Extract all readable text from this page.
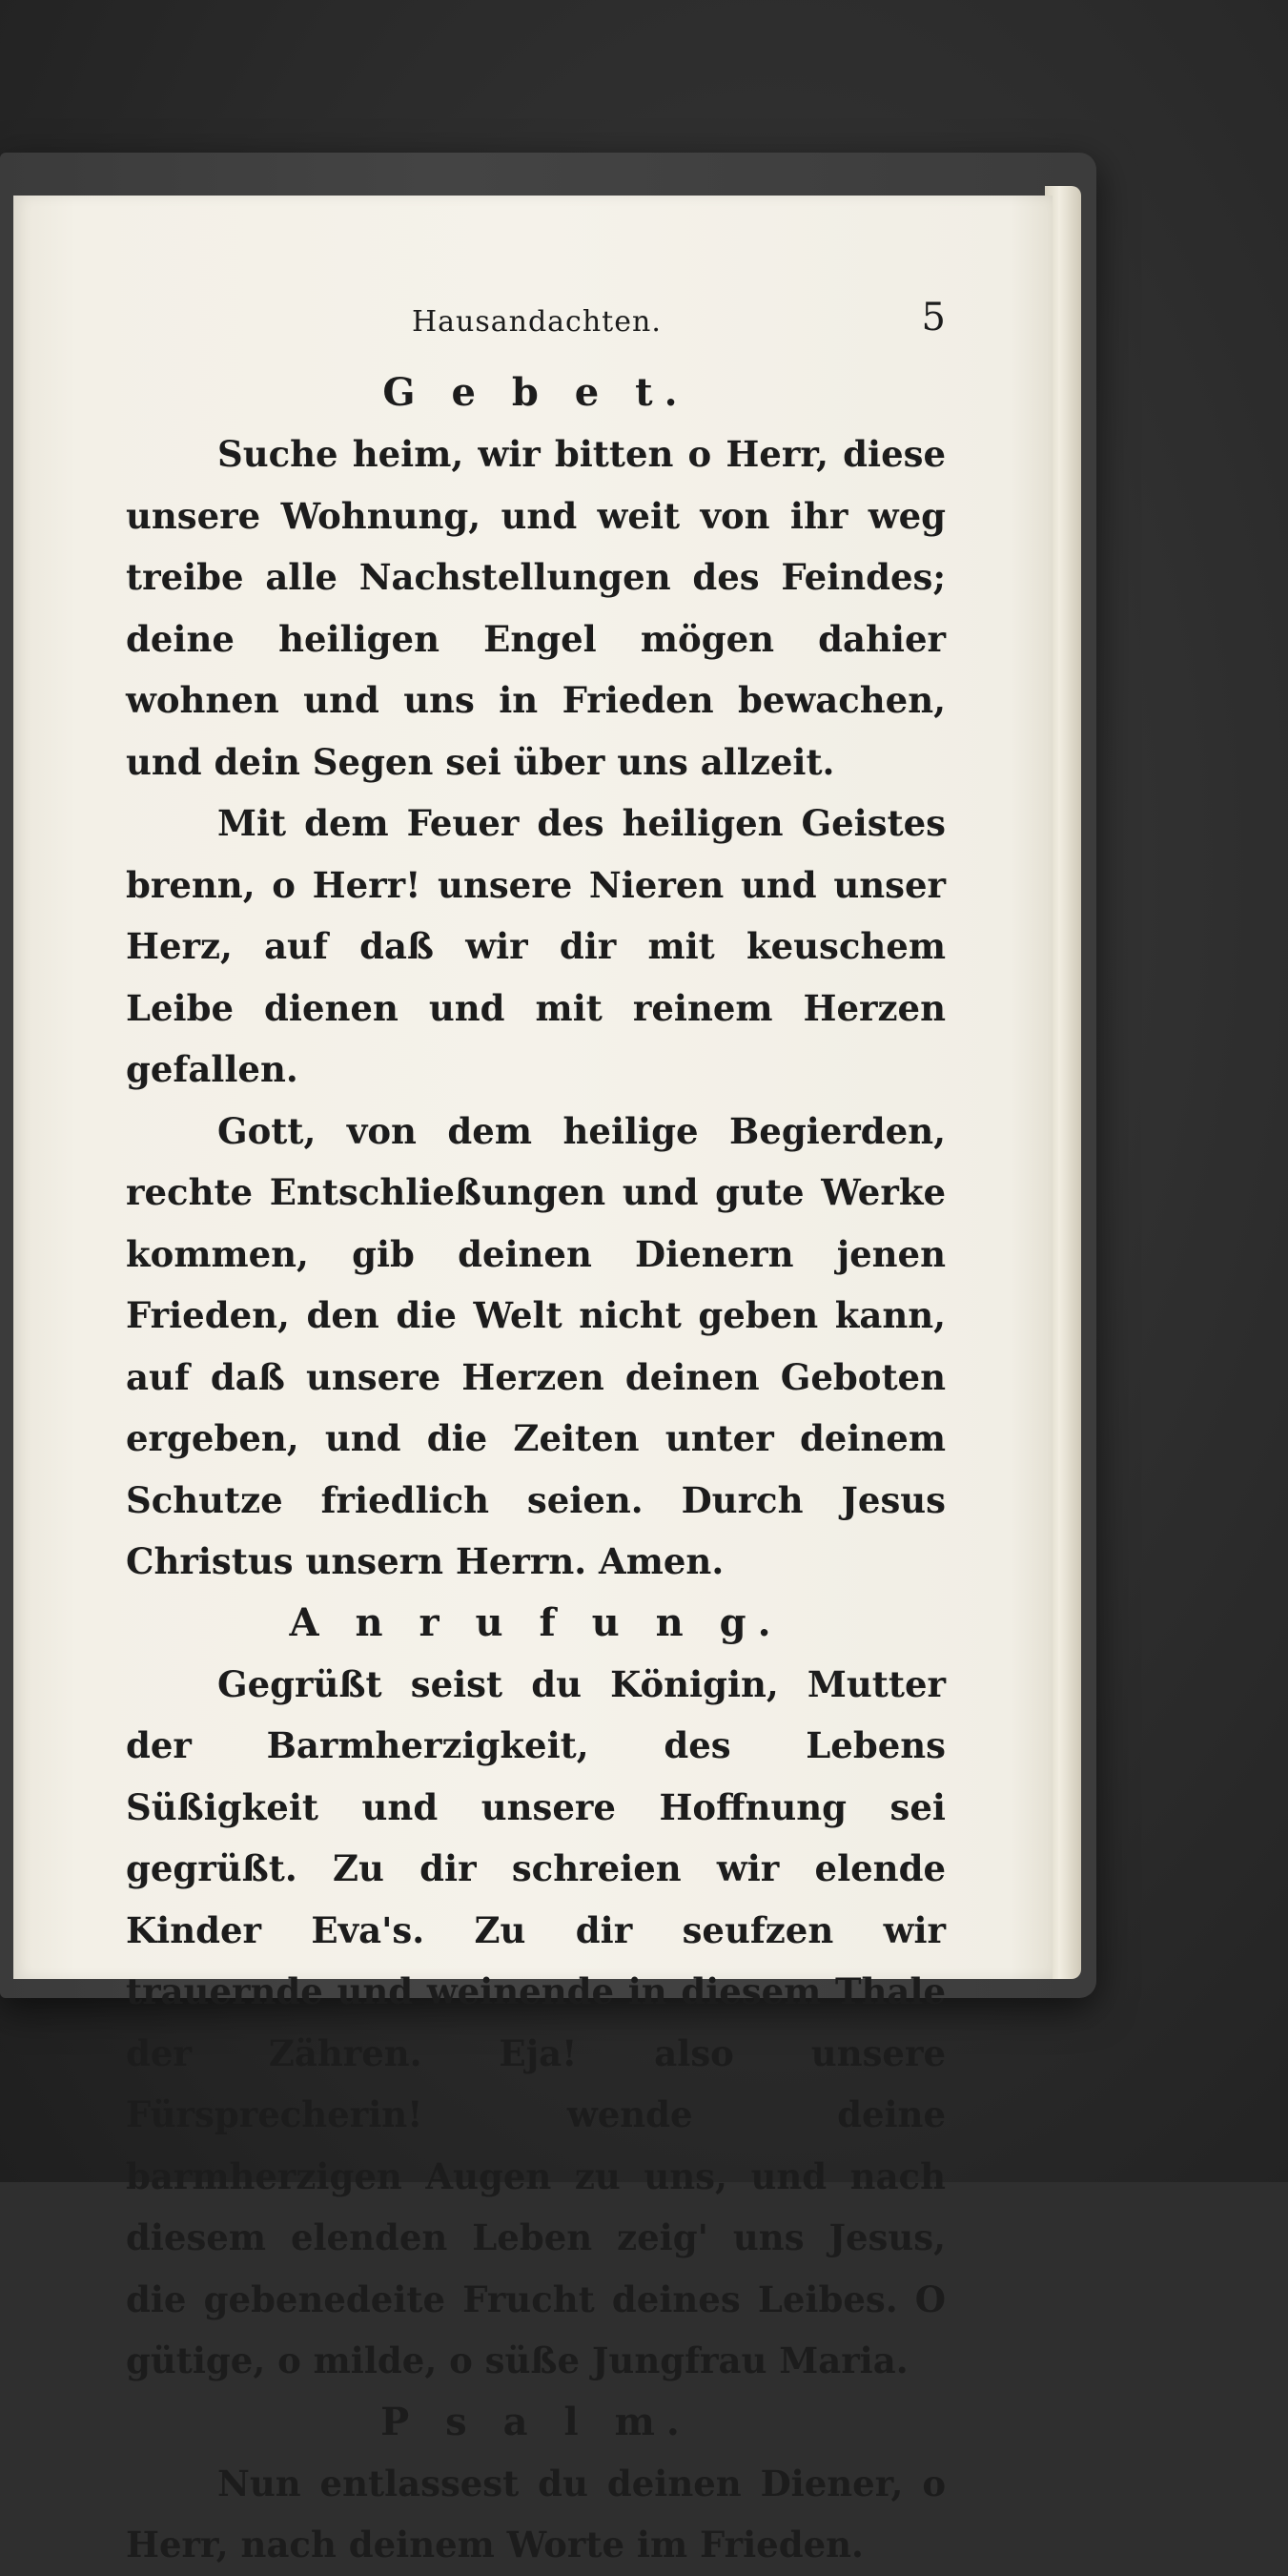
Hausandachten.	5

G e b e t.

Suche heim, wir bitten o Herr, diese unsere Wohnung, und weit von ihr weg treibe alle Nachstellungen des Feindes; deine heiligen Engel mögen dahier wohnen und uns in Frieden bewachen, und dein Segen sei über uns allzeit.

Mit dem Feuer des heiligen Geistes brenn, o Herr! unsere Nieren und unser Herz, auf daß wir dir mit keuschem Leibe dienen und mit reinem Herzen gefallen.

Gott, von dem heilige Begierden, rechte Entschließungen und gute Werke kommen, gib deinen Dienern jenen Frieden, den die Welt nicht geben kann, auf daß unsere Herzen deinen Geboten ergeben, und die Zeiten unter deinem Schutze friedlich seien. Durch Jesus Christus unsern Herrn. Amen.

A n r u f u n g.

Gegrüßt seist du Königin, Mutter der Barmherzigkeit, des Lebens Süßigkeit und unsere Hoffnung sei gegrüßt. Zu dir schreien wir elende Kinder Eva's. Zu dir seufzen wir trauernde und weinende in diesem Thale der Zähren. Eja! also unsere Fürsprecherin! wende deine barmherzigen Augen zu uns, und nach diesem elenden Leben zeig' uns Jesus, die gebenedeite Frucht deines Leibes. O gütige, o milde, o süße Jungfrau Maria.

P s a l m.

Nun entlassest du deinen Diener, o Herr, nach deinem Worte im Frieden.
